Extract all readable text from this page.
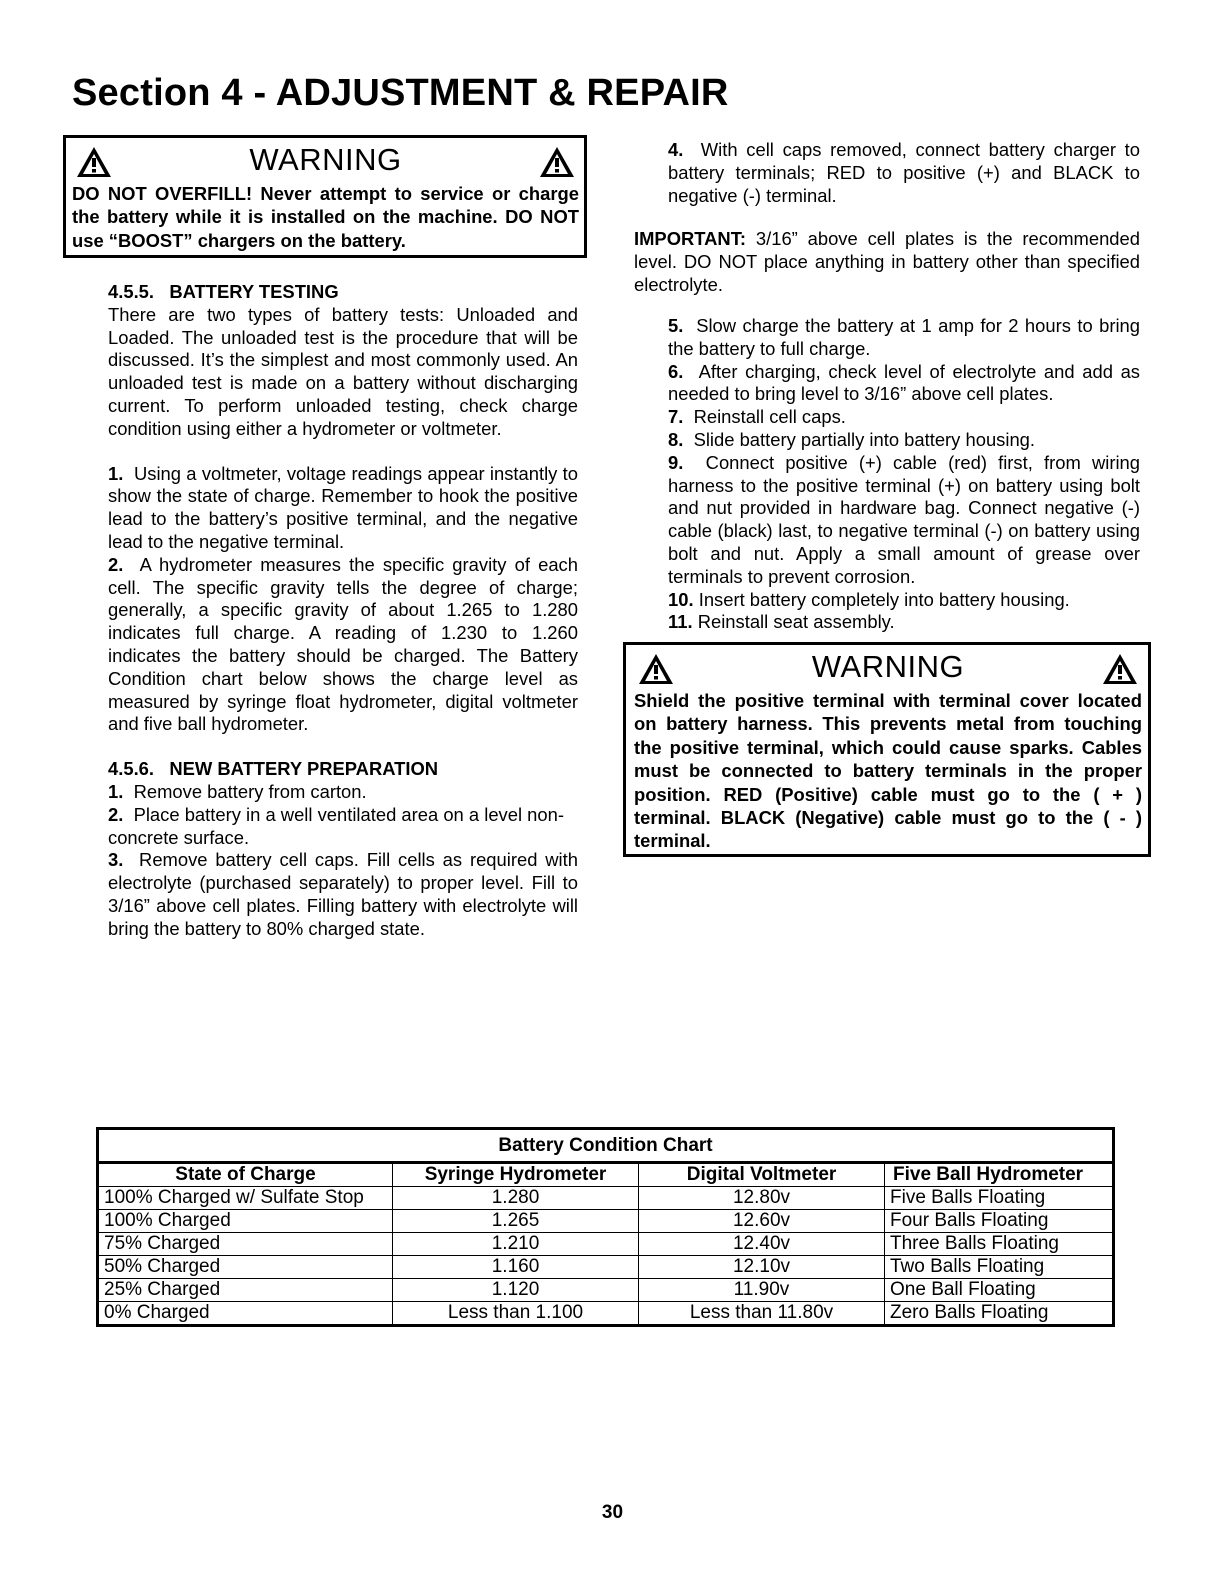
Section 4 - ADJUSTMENT & REPAIR
WARNING
DO NOT OVERFILL! Never attempt to service or charge the battery while it is installed on the machine. DO NOT use “BOOST” chargers on the battery.

4.5.5. BATTERY TESTING

There are two types of battery tests: Unloaded and Loaded. The unloaded test is the procedure that will be discussed. It’s the simplest and most commonly used. An unloaded test is made on a battery without discharging current. To perform unloaded testing, check charge condition using either a hydrometer or voltmeter.

1. Using a voltmeter, voltage readings appear instantly to show the state of charge. Remember to hook the positive lead to the battery’s positive terminal, and the negative lead to the negative terminal.

2. A hydrometer measures the specific gravity of each cell. The specific gravity tells the degree of charge; generally, a specific gravity of about 1.265 to 1.280 indicates full charge. A reading of 1.230 to 1.260 indicates the battery should be charged. The Battery Condition chart below shows the charge level as measured by syringe float hydrometer, digital voltmeter and five ball hydrometer.

4.5.6. NEW BATTERY PREPARATION

1. Remove battery from carton.

2. Place battery in a well ventilated area on a level non-concrete surface.

3. Remove battery cell caps. Fill cells as required with electrolyte (purchased separately) to proper level. Fill to 3/16” above cell plates. Filling battery with electrolyte will bring the battery to 80% charged state.

4. With cell caps removed, connect battery charger to battery terminals; RED to positive (+) and BLACK to negative (-) terminal.

IMPORTANT: 3/16” above cell plates is the recommended level. DO NOT place anything in battery other than specified electrolyte.

5. Slow charge the battery at 1 amp for 2 hours to bring the battery to full charge.

6. After charging, check level of electrolyte and add as needed to bring level to 3/16” above cell plates.

7. Reinstall cell caps.

8. Slide battery partially into battery housing.

9. Connect positive (+) cable (red) first, from wiring harness to the positive terminal (+) on battery using bolt and nut provided in hardware bag. Connect negative (-) cable (black) last, to negative terminal (-) on battery using bolt and nut. Apply a small amount of grease over terminals to prevent corrosion.

10. Insert battery completely into battery housing.

11. Reinstall seat assembly.

WARNING
Shield the positive terminal with terminal cover located on battery harness. This prevents metal from touching the positive terminal, which could cause sparks. Cables must be connected to battery terminals in the proper position. RED (Positive) cable must go to the ( + ) terminal. BLACK (Negative) cable must go to the ( - ) terminal.
Battery Condition Chart
State of Charge	Syringe Hydrometer	Digital Voltmeter	Five Ball Hydrometer
100% Charged w/ Sulfate Stop	1.280	12.80v	Five Balls Floating
100% Charged	1.265	12.60v	Four Balls Floating
75% Charged	1.210	12.40v	Three Balls Floating
50% Charged	1.160	12.10v	Two Balls Floating
25% Charged	1.120	11.90v	One Ball Floating
0% Charged	Less than 1.100	Less than 11.80v	Zero Balls Floating
30
